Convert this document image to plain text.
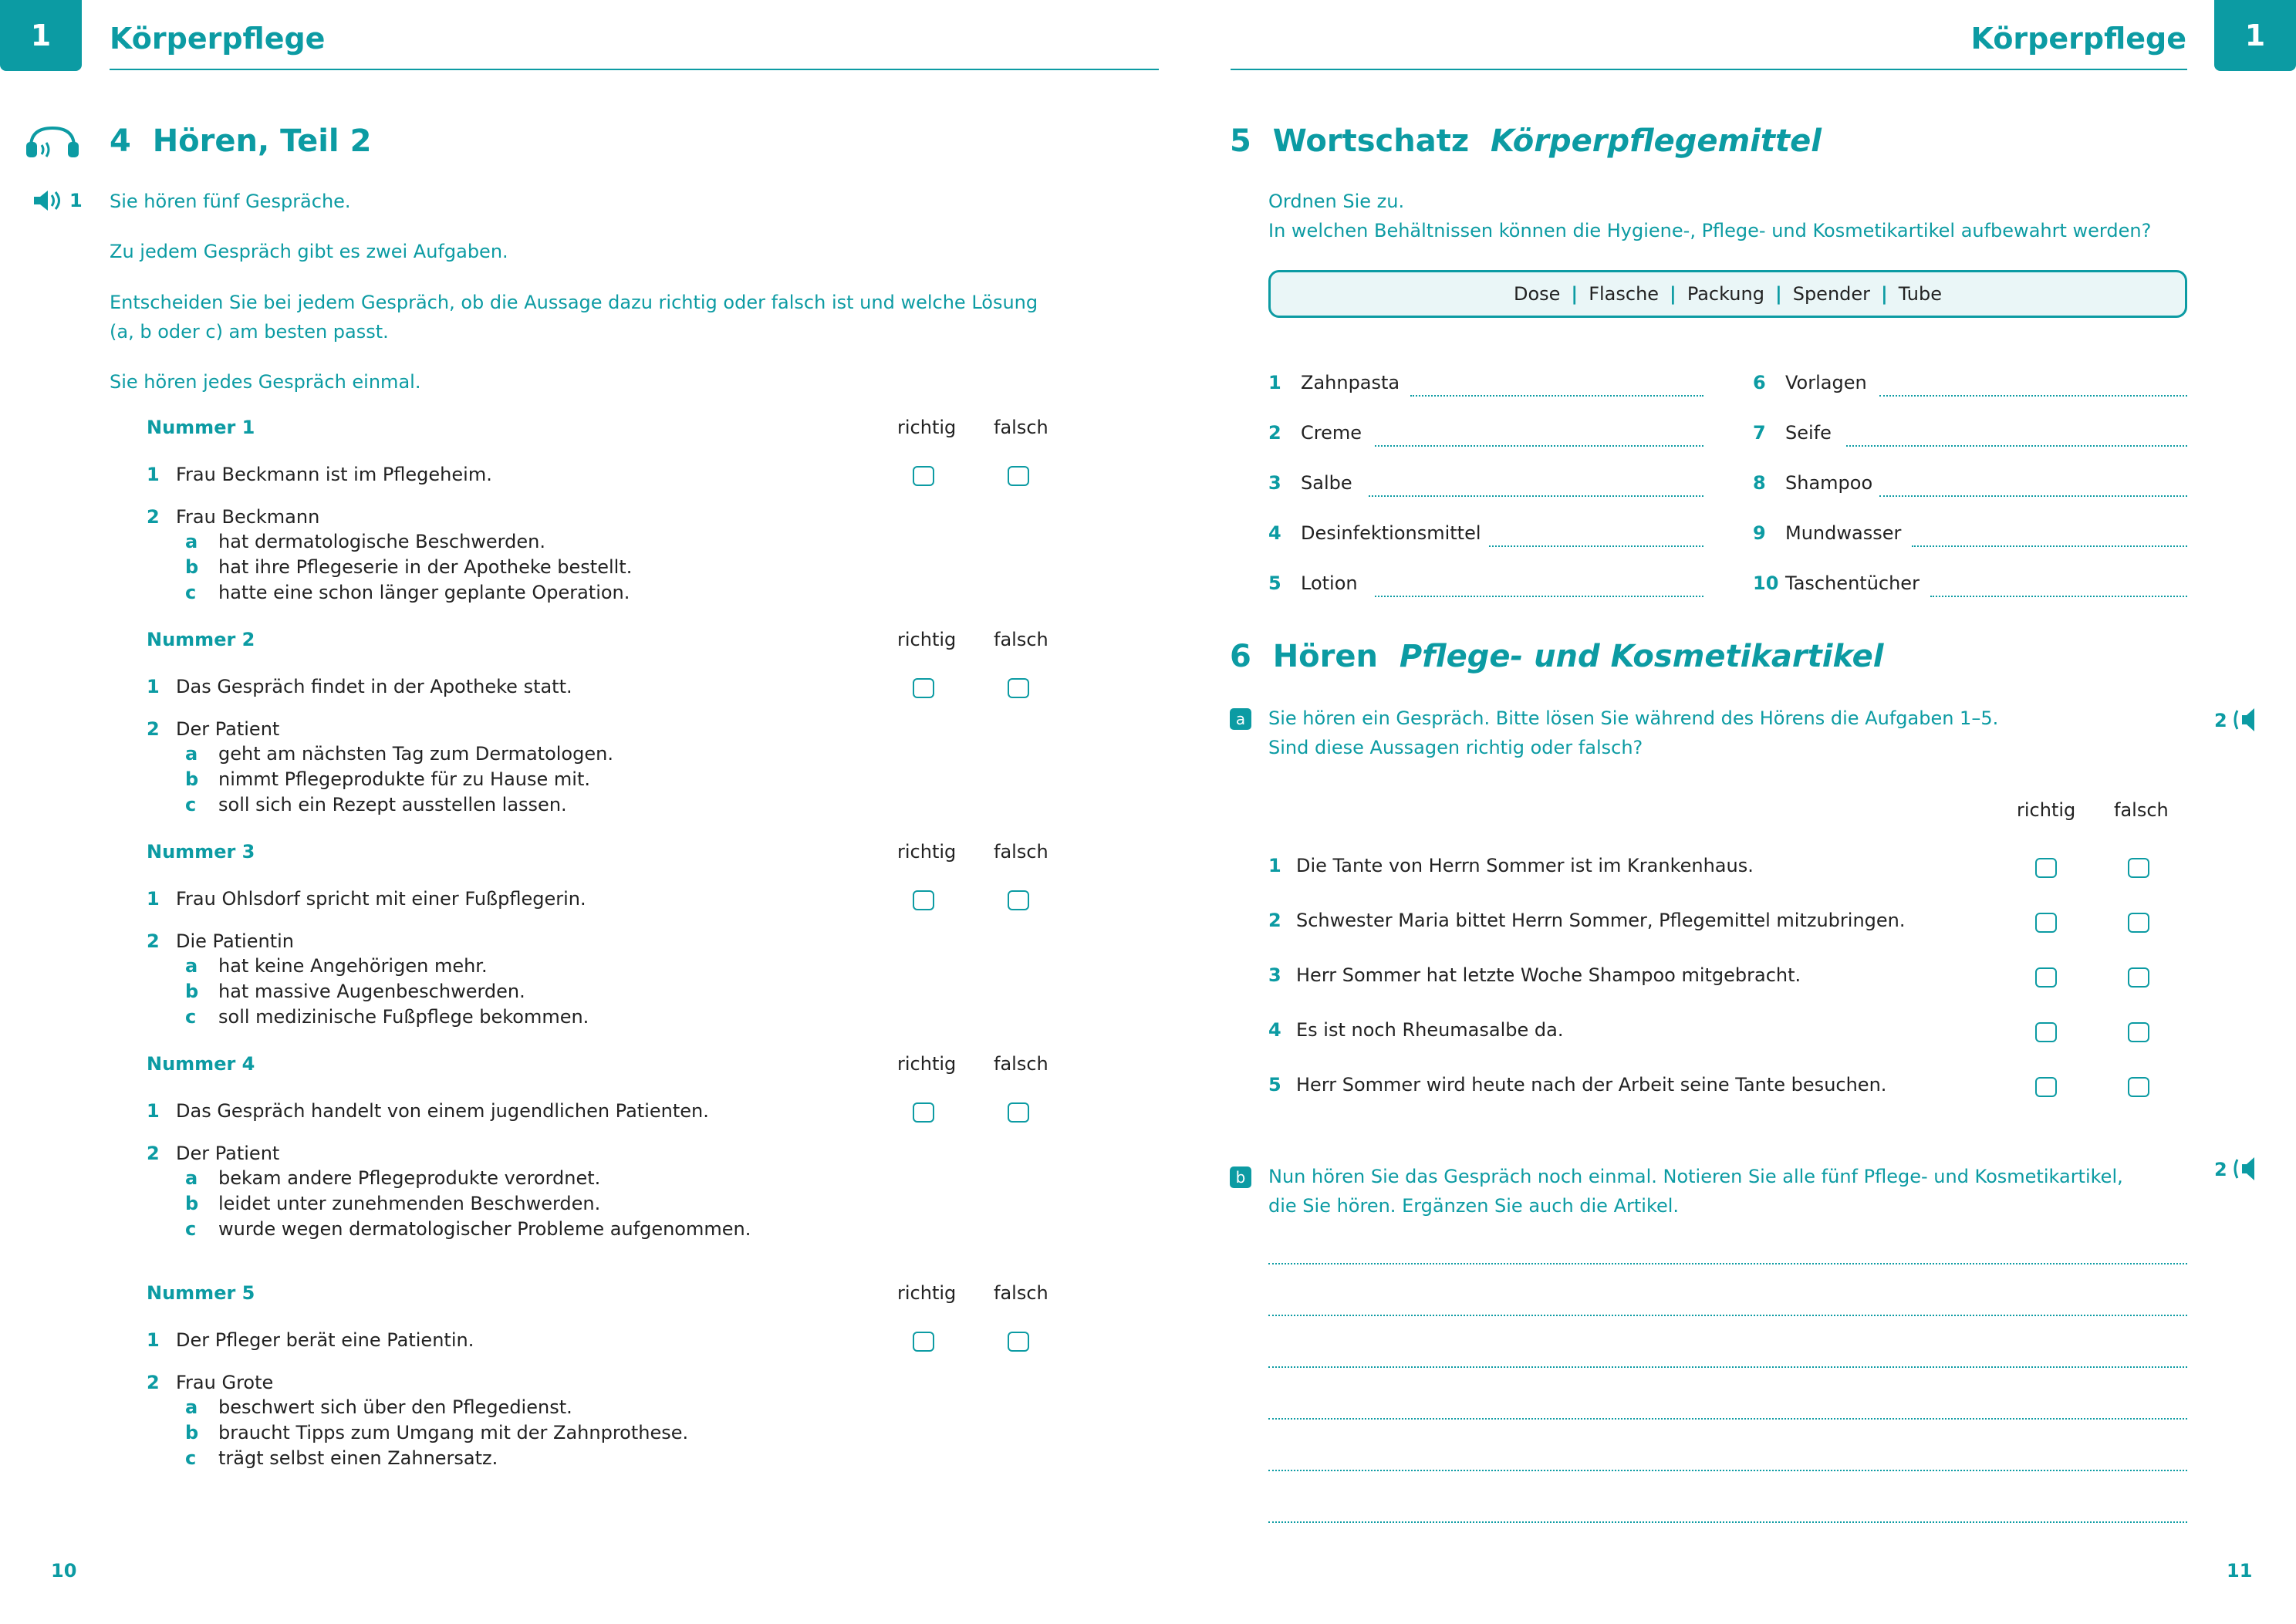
1	Körperpflege	1
Körperpflege
4 Hören, Teil 2
1 Sie hören fünf Gespräche.
Zu jedem Gespräch gibt es zwei Aufgaben.
Entscheiden Sie bei jedem Gespräch, ob die Aussage dazu richtig oder falsch ist und welche Lösung
(a, b oder c) am besten passt.
Sie hören jedes Gespräch einmal.
Nummer 1	richtig falsch
1 Frau Beckmann ist im Pflegeheim.
2 Frau Beckmann
a hat dermatologische Beschwerden.
b hat ihre Pflegeserie in der Apotheke bestellt.
c hatte eine schon länger geplante Operation.
Nummer 2	richtig falsch
1 Das Gespräch findet in der Apotheke statt.
2 Der Patient
a geht am nächsten Tag zum Dermatologen.
b nimmt Pflegeprodukte für zu Hause mit.
c soll sich ein Rezept ausstellen lassen.
Nummer 3	richtig falsch
1 Frau Ohlsdorf spricht mit einer Fußpflegerin.
2 Die Patientin
a hat keine Angehörigen mehr.
b hat massive Augenbeschwerden.
c soll medizinische Fußpflege bekommen.
Nummer 4	richtig falsch
1 Das Gespräch handelt von einem jugendlichen Patienten.
2 Der Patient
a bekam andere Pflegeprodukte verordnet.
b leidet unter zunehmenden Beschwerden.
c wurde wegen dermatologischer Probleme aufgenommen.
Nummer 5	richtig falsch
1 Der Pfleger berät eine Patientin.
2 Frau Grote
a beschwert sich über den Pflegedienst.
b braucht Tipps zum Umgang mit der Zahnprothese.
c trägt selbst einen Zahnersatz.
10
5 Wortschatz Körperpflegemittel
Ordnen Sie zu.
In welchen Behältnissen können die Hygiene-, Pflege- und Kosmetikartikel aufbewahrt werden?
Dose | Flasche | Packung | Spender | Tube
1 Zahnpasta
2 Creme
3 Salbe
4 Desinfektionsmittel
5 Lotion
6 Vorlagen
7 Seife
8 Shampoo
9 Mundwasser
10 Taschentücher
6 Hören Pflege- und Kosmetikartikel
a	Sie hören ein Gespräch. Bitte lösen Sie während des Hörens die Aufgaben 1–5.
Sind diese Aussagen richtig oder falsch?
2
richtig falsch
1 Die Tante von Herrn Sommer ist im Krankenhaus.
2 Schwester Maria bittet Herrn Sommer, Pflegemittel mitzubringen.
3 Herr Sommer hat letzte Woche Shampoo mitgebracht.
4 Es ist noch Rheumasalbe da.
5 Herr Sommer wird heute nach der Arbeit seine Tante besuchen.
b	Nun hören Sie das Gespräch noch einmal. Notieren Sie alle fünf Pflege- und Kosmetikartikel,
die Sie hören. Ergänzen Sie auch die Artikel.
2
11
